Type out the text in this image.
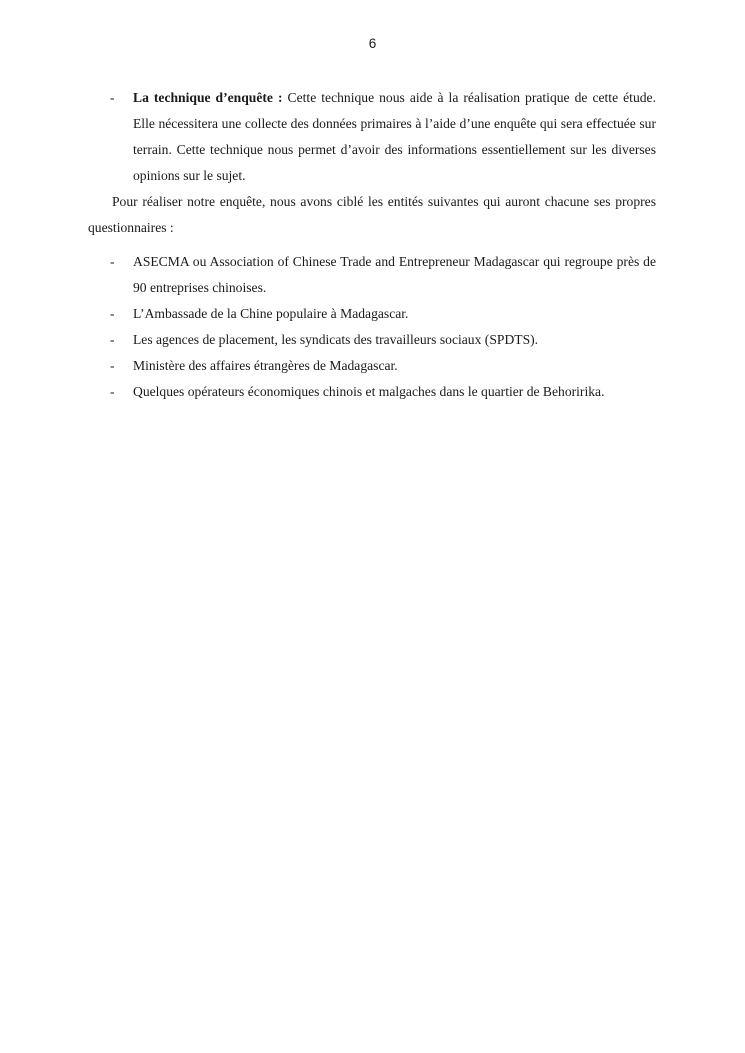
6
- La technique d’enquête : Cette technique nous aide à la réalisation pratique de cette étude. Elle nécessitera une collecte des données primaires à l’aide d’une enquête qui sera effectuée sur terrain. Cette technique nous permet d’avoir des informations essentiellement sur les diverses opinions sur le sujet.

Pour réaliser notre enquête, nous avons ciblé les entités suivantes qui auront chacune ses propres questionnaires :

- ASECMA ou Association of Chinese Trade and Entrepreneur Madagascar qui regroupe près de 90 entreprises chinoises.
- L’Ambassade de la Chine populaire à Madagascar.
- Les agences de placement, les syndicats des travailleurs sociaux (SPDTS).
- Ministère des affaires étrangères de Madagascar.
- Quelques opérateurs économiques chinois et malgaches dans le quartier de Behoririka.
